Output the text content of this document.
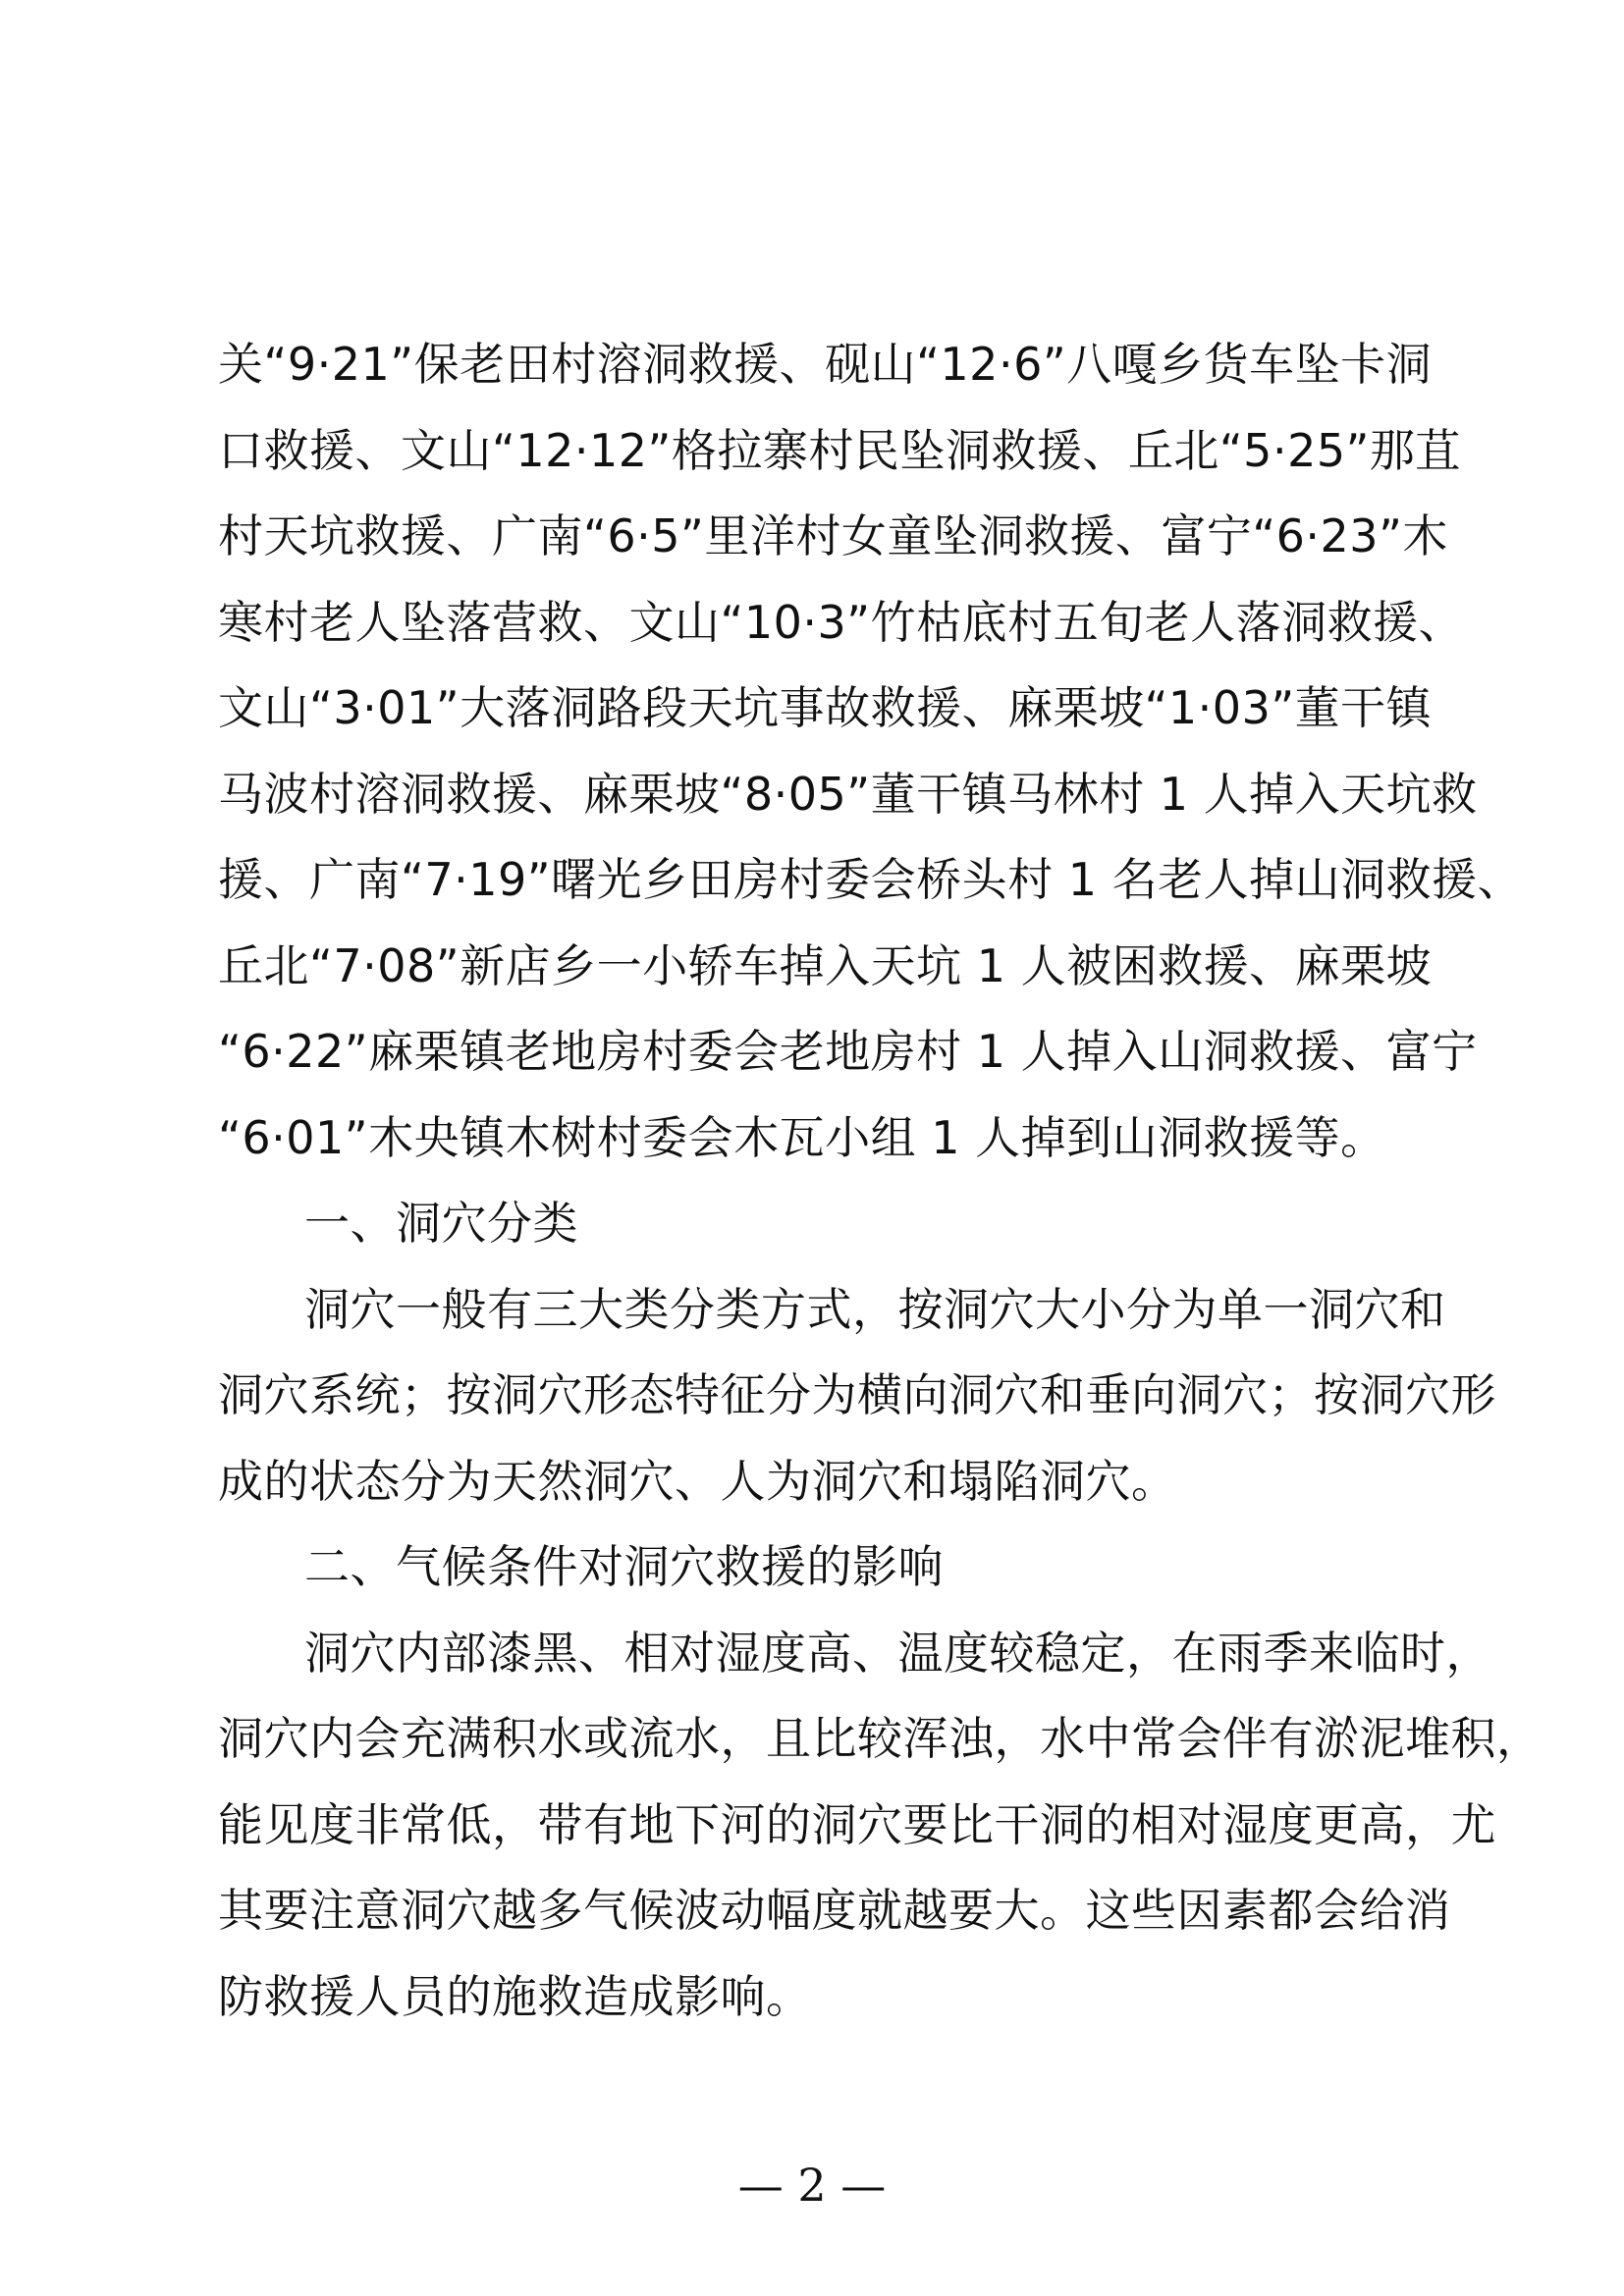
关“9·21”保老田村溶洞救援、砚山“12·6”八嘎乡货车坠卡洞
口救援、文山“12·12”格拉寨村民坠洞救援、丘北“5·25”那苴
村天坑救援、广南“6·5”里洋村女童坠洞救援、富宁“6·23”木
寒村老人坠落营救、文山“10·3”竹枯底村五旬老人落洞救援、
文山“3·01”大落洞路段天坑事故救援、麻栗坡“1·03”董干镇
马波村溶洞救援、麻栗坡“8·05”董干镇马林村 1 人掉入天坑救
援、广南“7·19”曙光乡田房村委会桥头村 1 名老人掉山洞救援、
丘北“7·08”新店乡一小轿车掉入天坑 1 人被困救援、麻栗坡
“6·22”麻栗镇老地房村委会老地房村 1 人掉入山洞救援、富宁
“6·01”木央镇木树村委会木瓦小组 1 人掉到山洞救援等。
一、洞穴分类
洞穴一般有三大类分类方式，按洞穴大小分为单一洞穴和
洞穴系统；按洞穴形态特征分为横向洞穴和垂向洞穴；按洞穴形
成的状态分为天然洞穴、人为洞穴和塌陷洞穴。
二、气候条件对洞穴救援的影响
洞穴内部漆黑、相对湿度高、温度较稳定，在雨季来临时，
洞穴内会充满积水或流水，且比较浑浊，水中常会伴有淤泥堆积，
能见度非常低，带有地下河的洞穴要比干洞的相对湿度更高，尤
其要注意洞穴越多气候波动幅度就越要大。这些因素都会给消
防救援人员的施救造成影响。
— 2 —
